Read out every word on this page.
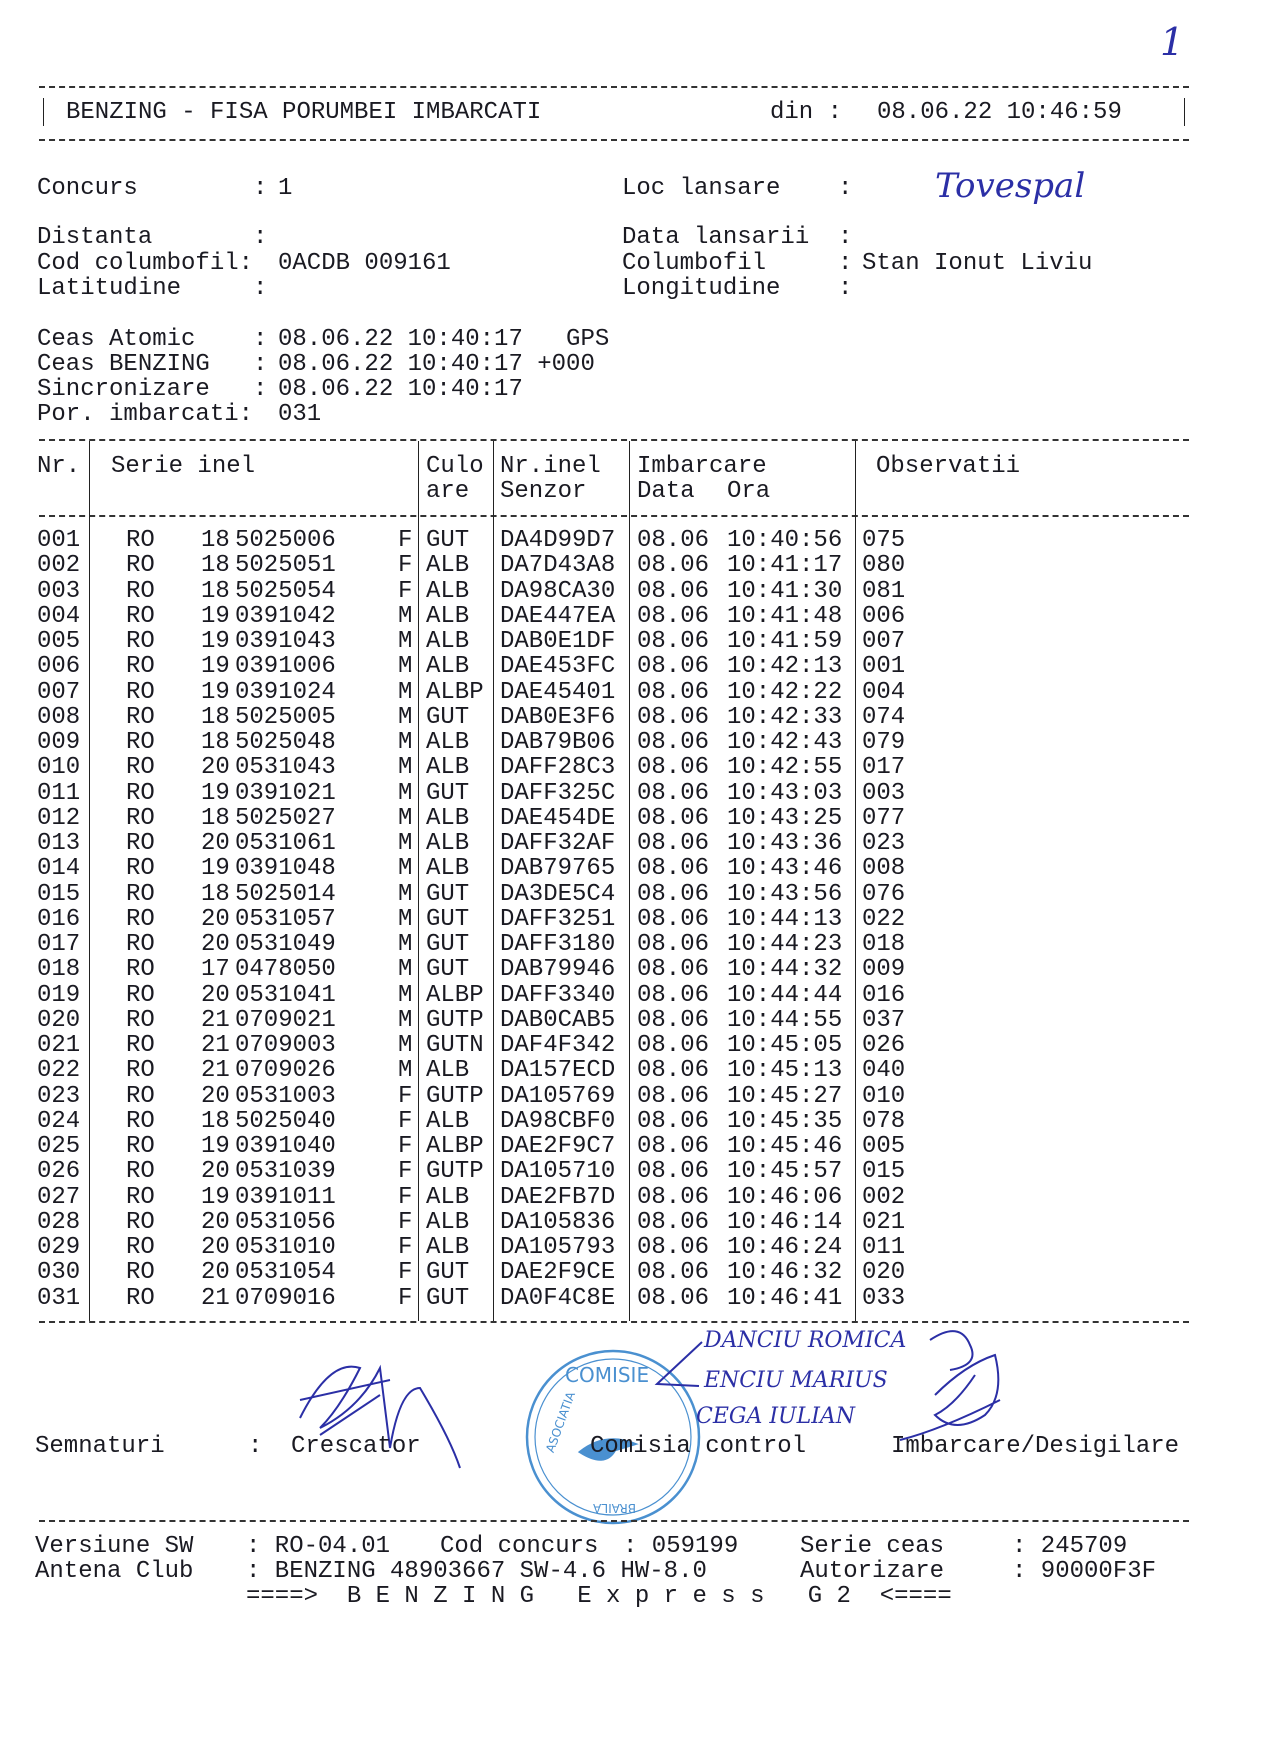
1
BENZING - FISA PORUMBEI IMBARCATI	din : 08.06.22 10:46:59
Concurs        : 1	Loc lansare    : Tovespal
Distanta       :	Data lansarii  :
Cod columbofil: 0ACDB 009161	Columbofil     : Stan Ionut Liviu
Latitudine     :	Longitudine    :
Ceas Atomic    : 08.06.22 10:40:17   GPS
Ceas BENZING   : 08.06.22 10:40:17 +000
Sincronizare   : 08.06.22 10:40:17
Por. imbarcati: 031
Nr. Serie inel	Culo
are
Nr.inel
Senzor
Imbarcare
Data Ora
Observatii
001 RO 18 5025006	F GUT DA4D99D7 08.06 10:40:56 075
002 RO 18 5025051	F ALB DA7D43A8 08.06 10:41:17 080
003 RO 18 5025054	F ALB DA98CA30 08.06 10:41:30 081
004 RO 19 0391042	M ALB DAE447EA 08.06 10:41:48 006
005 RO 19 0391043	M ALB DAB0E1DF 08.06 10:41:59 007
006 RO 19 0391006	M ALB DAE453FC 08.06 10:42:13 001
007 RO 19 0391024	M ALBP DAE45401 08.06 10:42:22 004
008 RO 18 5025005	M GUT DAB0E3F6 08.06 10:42:33 074
009 RO 18 5025048	M ALB DAB79B06 08.06 10:42:43 079
010 RO 20 0531043	M ALB DAFF28C3 08.06 10:42:55 017
011 RO 19 0391021	M GUT DAFF325C 08.06 10:43:03 003
012 RO 18 5025027	M ALB DAE454DE 08.06 10:43:25 077
013 RO 20 0531061	M ALB DAFF32AF 08.06 10:43:36 023
014 RO 19 0391048	M ALB DAB79765 08.06 10:43:46 008
015 RO 18 5025014	M GUT DA3DE5C4 08.06 10:43:56 076
016 RO 20 0531057	M GUT DAFF3251 08.06 10:44:13 022
017 RO 20 0531049	M GUT DAFF3180 08.06 10:44:23 018
018 RO 17 0478050	M GUT DAB79946 08.06 10:44:32 009
019 RO 20 0531041	M ALBP DAFF3340 08.06 10:44:44 016
020 RO 21 0709021	M GUTP DAB0CAB5 08.06 10:44:55 037
021 RO 21 0709003	M GUTN DAF4F342 08.06 10:45:05 026
022 RO 21 0709026	M ALB DA157ECD 08.06 10:45:13 040
023 RO 20 0531003	F GUTP DA105769 08.06 10:45:27 010
024 RO 18 5025040	F ALB DA98CBF0 08.06 10:45:35 078
025 RO 19 0391040	F ALBP DAE2F9C7 08.06 10:45:46 005
026 RO 20 0531039	F GUTP DA105710 08.06 10:45:57 015
027 RO 19 0391011	F ALB DAE2FB7D 08.06 10:46:06 002
028 RO 20 0531056	F ALB DA105836 08.06 10:46:14 021
029 RO 20 0531010	F ALB DA105793 08.06 10:46:24 011
030 RO 20 0531054	F GUT DAE2F9CE 08.06 10:46:32 020
031 RO 21 0709016	F GUT DA0F4C8E 08.06 10:46:41 033
COMISIE
BRAILA
ASOCIATIA
DANCIU ROMICA
ENCIU MARIUS
CEGA IULIAN
Semnaturi	: Crescator	Comisia control	Imbarcare/Desigilare
Versiune SW : RO-04.01 Cod concurs : 059199	Serie ceas	: 245709
Antena Club : BENZING 48903667 SW-4.6 HW-8.0	Autorizare	: 90000F3F
====>  B E N Z I N G   E x p r e s s   G 2  <====
